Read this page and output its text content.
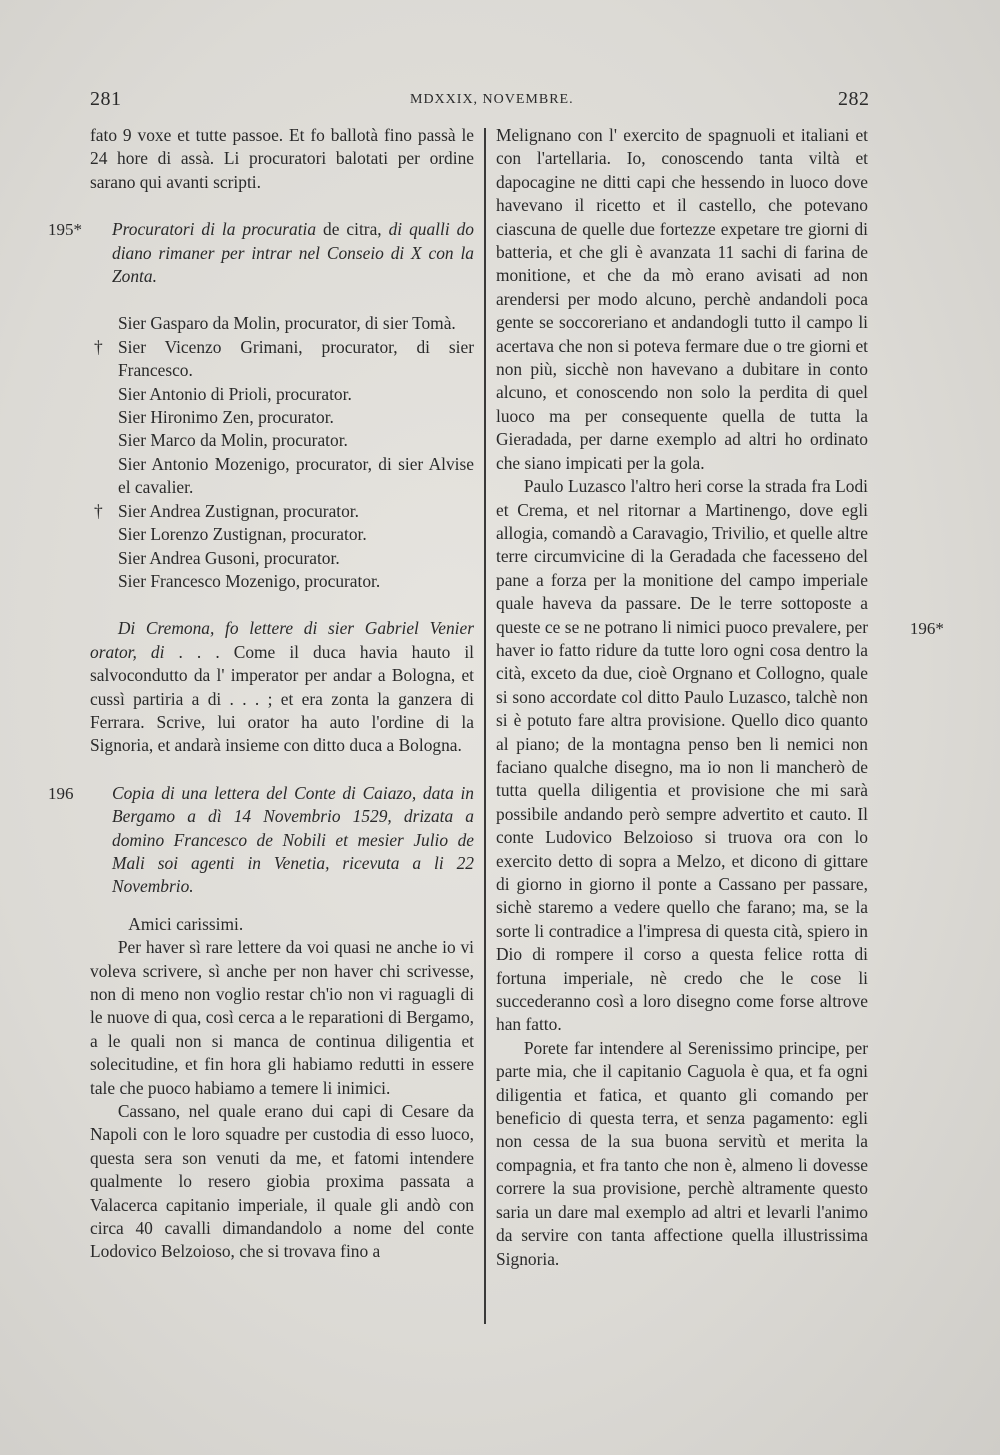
281	MDXXIX, NOVEMBRE.	282

fato 9 voxe et tutte passoe. Et fo ballotà fino passà le 24 hore di assà. Li procuratori balotati per ordine sarano qui avanti scripti.

195*	Procuratori di la procuratia de citra, di qualli do diano rimaner per intrar nel Conseio di X con la Zonta.

Sier Gasparo da Molin, procurator, di sier Tomà.

† Sier Vicenzo Grimani, procurator, di sier Francesco.

Sier Antonio di Prioli, procurator.

Sier Hironimo Zen, procurator.

Sier Marco da Molin, procurator.

Sier Antonio Mozenigo, procurator, di sier Alvise el cavalier.

† Sier Andrea Zustignan, procurator.

Sier Lorenzo Zustignan, procurator.

Sier Andrea Gusoni, procurator.

Sier Francesco Mozenigo, procurator.

Di Cremona, fo lettere di sier Gabriel Venier orator, di . . . Come il duca havia hauto il salvocondutto da l' imperator per andar a Bologna, et cussì partiria a di . . . ; et era zonta la ganzera di Ferrara. Scrive, lui orator ha auto l'ordine di la Signoria, et andarà insieme con ditto duca a Bologna.

196	Copia di una lettera del Conte di Caiazo, data in Bergamo a dì 14 Novembrio 1529, drizata a domino Francesco de Nobili et mesier Julio de Mali soi agenti in Venetia, ricevuta a li 22 Novembrio.

Amici carissimi.

Per haver sì rare lettere da voi quasi ne anche io vi voleva scrivere, sì anche per non haver chi scrivesse, non di meno non voglio restar ch'io non vi raguagli di le nuove di qua, così cerca a le reparationi di Bergamo, a le quali non si manca de continua diligentia et solecitudine, et fin hora gli habiamo redutti in essere tale che puoco habiamo a temere li inimici.

Cassano, nel quale erano dui capi di Cesare da Napoli con le loro squadre per custodia di esso luoco, questa sera son venuti da me, et fatomi intendere qualmente lo resero giobia proxima passata a Valacerca capitanio imperiale, il quale gli andò con circa 40 cavalli dimandandolo a nome del conte Lodovico Belzoioso, che si trovava fino a

Melignano con l' exercito de spagnuoli et italiani et con l'artellaria. Io, conoscendo tanta viltà et dapocagine ne ditti capi che hessendo in luoco dove havevano il ricetto et il castello, che potevano ciascuna de quelle due fortezze expetare tre giorni di batteria, et che gli è avanzata 11 sachi di farina de monitione, et che da mò erano avisati ad non arendersi per modo alcuno, perchè andandoli poca gente se soccoreriano et andandogli tutto il campo li acertava che non si poteva fermare due o tre giorni et non più, sicchè non havevano a dubitare in conto alcuno, et conoscendo non solo la perdita di quel luoco ma per consequente quella de tutta la Gieradada, per darne exemplo ad altri ho ordinato che siano impicati per la gola.

Paulo Luzasco l'altro heri corse la strada fra Lodi et Crema, et nel ritornar a Martinengo, dove egli allogia, comandò a Caravagio, Trivilio, et quelle altre terre circumvicine di la Geradada che facessено del pane a forza per la monitione del campo imperiale quale haveva da passare. De le terre sottoposte a queste ce se ne potrano li nimici puoco	196*
prevalere, per haver io fatto ridure da tutte loro ogni cosa dentro la cità, exceto da due, cioè Orgnano et Collogno, quale si sono accordate col ditto Paulo Luzasco, talchè non si è potuto fare altra provisione. Quello dico quanto al piano; de la montagna penso ben li nemici non faciano qualche disegno, ma io non li mancherò de tutta quella diligentia et provisione che mi sarà possibile andando però sempre advertito et cauto. Il conte Ludovico Belzoioso si truova ora con lo exercito detto di sopra a Melzo, et dicono di gittare di giorno in giorno il ponte a Cassano per passare, sichè staremo a vedere quello che farano; ma, se la sorte li contradice a l'impresa di questa cità, spiero in Dio di rompere il corso a questa felice rotta di fortuna imperiale, nè credo che le cose li succederanno così a loro disegno come forse altrove han fatto.

Porete far intendere al Serenissimo principe, per parte mia, che il capitanio Caguola è qua, et fa ogni diligentia et fatica, et quanto gli comando per beneficio di questa terra, et senza pagamento: egli non cessa de la sua buona servitù et merita la compagnia, et fra tanto che non è, almeno li dovesse correre la sua provisione, perchè altramente questo saria un dare mal exemplo ad altri et levarli l'animo da servire con tanta affectione quella illustrissima Signoria.
